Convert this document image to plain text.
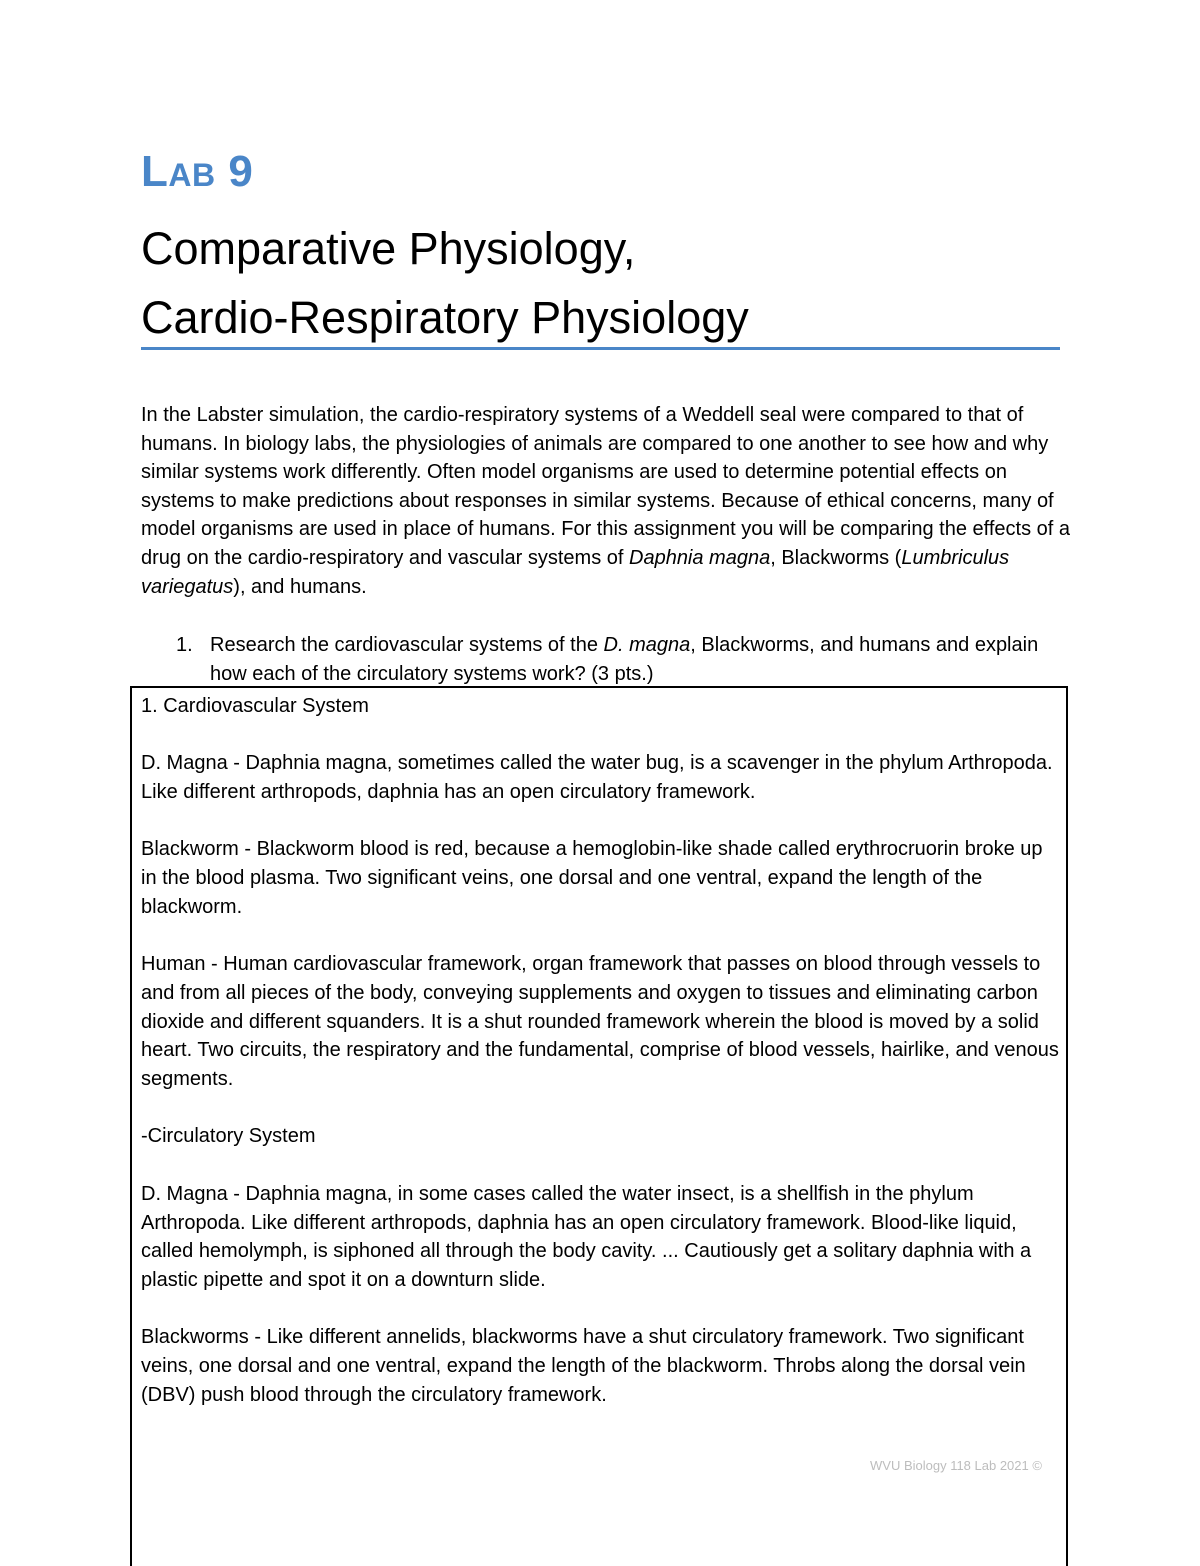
LAB 9
Comparative Physiology,
Cardio-Respiratory Physiology

In the Labster simulation, the cardio-respiratory systems of a Weddell seal were compared to that of humans. In biology labs, the physiologies of animals are compared to one another to see how and why similar systems work differently. Often model organisms are used to determine potential effects on systems to make predictions about responses in similar systems. Because of ethical concerns, many of model organisms are used in place of humans. For this assignment you will be comparing the effects of a drug on the cardio-respiratory and vascular systems of Daphnia magna, Blackworms (Lumbriculus variegatus), and humans.

1. Research the cardiovascular systems of the D. magna, Blackworms, and humans and explain how each of the circulatory systems work? (3 pts.)

1. Cardiovascular System

D. Magna - Daphnia magna, sometimes called the water bug, is a scavenger in the phylum Arthropoda. Like different arthropods, daphnia has an open circulatory framework.

Blackworm - Blackworm blood is red, because a hemoglobin-like shade called erythrocruorin broke up in the blood plasma. Two significant veins, one dorsal and one ventral, expand the length of the blackworm.

Human - Human cardiovascular framework, organ framework that passes on blood through vessels to and from all pieces of the body, conveying supplements and oxygen to tissues and eliminating carbon dioxide and different squanders. It is a shut rounded framework wherein the blood is moved by a solid heart. Two circuits, the respiratory and the fundamental, comprise of blood vessels, hairlike, and venous segments.

-Circulatory System

D. Magna - Daphnia magna, in some cases called the water insect, is a shellfish in the phylum Arthropoda. Like different arthropods, daphnia has an open circulatory framework. Blood-like liquid, called hemolymph, is siphoned all through the body cavity. ... Cautiously get a solitary daphnia with a plastic pipette and spot it on a downturn slide.

Blackworms - Like different annelids, blackworms have a shut circulatory framework. Two significant veins, one dorsal and one ventral, expand the length of the blackworm. Throbs along the dorsal vein (DBV) push blood through the circulatory framework.

WVU Biology 118 Lab 2021 ©
